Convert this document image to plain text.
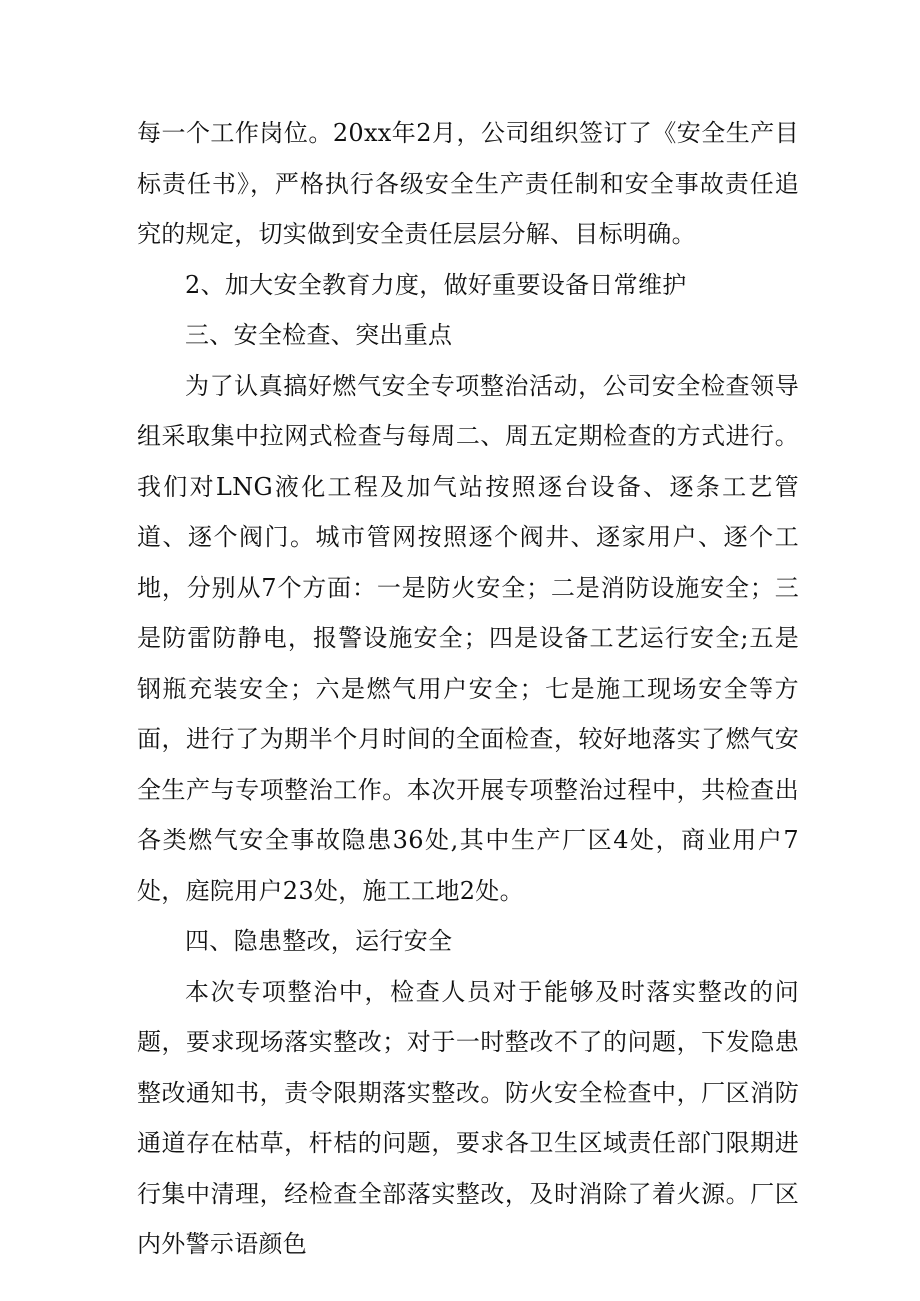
每一个工作岗位。20xx年2月，公司组织签订了《安全生产目标责任书》，严格执行各级安全生产责任制和安全事故责任追究的规定，切实做到安全责任层层分解、目标明确。

2、加大安全教育力度，做好重要设备日常维护

三、安全检查、突出重点

为了认真搞好燃气安全专项整治活动，公司安全检查领导组采取集中拉网式检查与每周二、周五定期检查的方式进行。我们对LNG液化工程及加气站按照逐台设备、逐条工艺管道、逐个阀门。城市管网按照逐个阀井、逐家用户、逐个工地，分别从7个方面：一是防火安全；二是消防设施安全；三是防雷防静电，报警设施安全；四是设备工艺运行安全;五是钢瓶充装安全；六是燃气用户安全；七是施工现场安全等方面，进行了为期半个月时间的全面检查，较好地落实了燃气安全生产与专项整治工作。本次开展专项整治过程中，共检查出各类燃气安全事故隐患36处,其中生产厂区4处，商业用户7处，庭院用户23处，施工工地2处。

四、隐患整改，运行安全

本次专项整治中，检查人员对于能够及时落实整改的问题，要求现场落实整改；对于一时整改不了的问题，下发隐患整改通知书，责令限期落实整改。防火安全检查中，厂区消防通道存在枯草，杆桔的问题，要求各卫生区域责任部门限期进行集中清理，经检查全部落实整改，及时消除了着火源。厂区内外警示语颜色
